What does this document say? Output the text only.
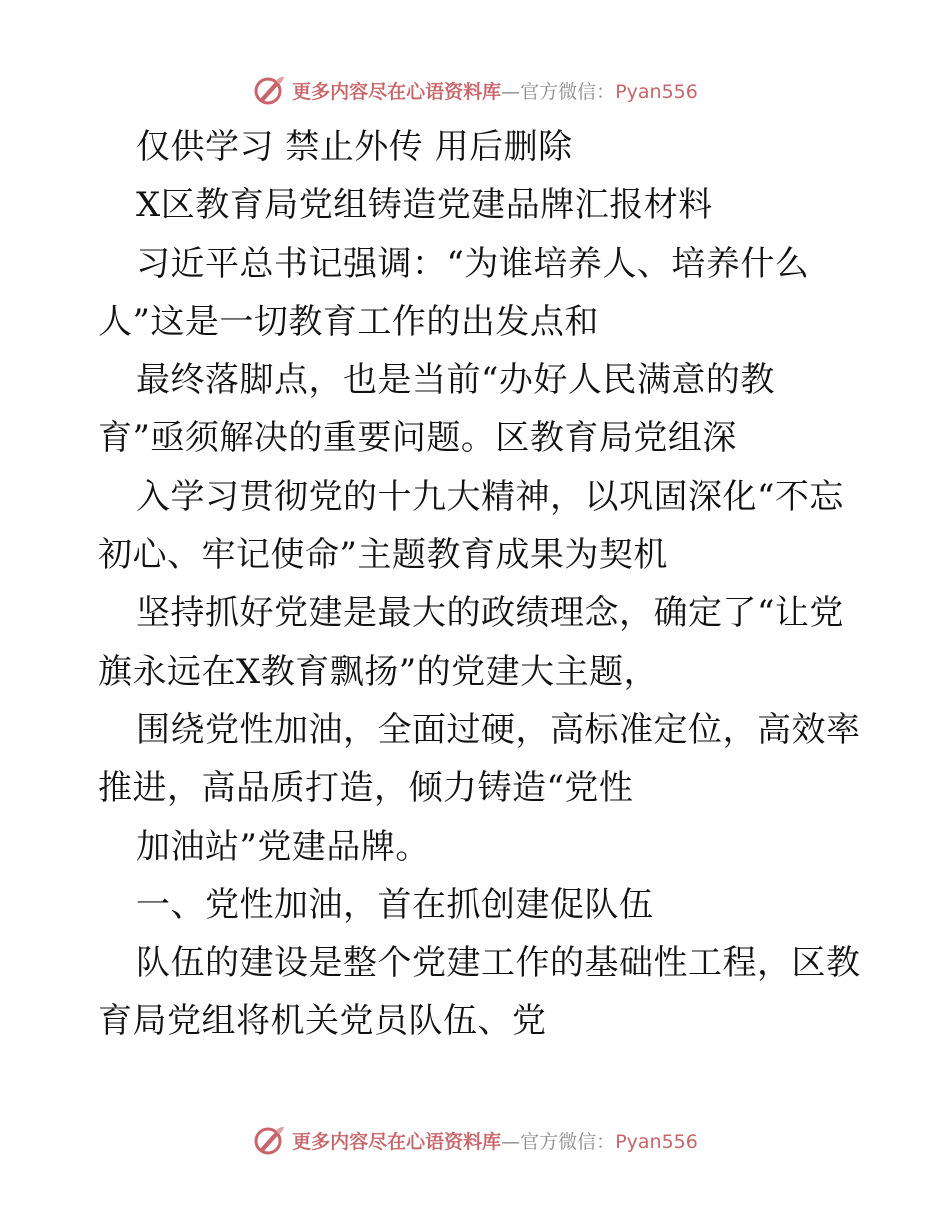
更多内容尽在心语资料库—官方微信：Pyan556
仅供学习 禁止外传 用后删除
X区教育局党组铸造党建品牌汇报材料
习近平总书记强调：“为谁培养人、培养什么
人”这是一切教育工作的出发点和
最终落脚点，也是当前“办好人民满意的教
育”亟须解决的重要问题。区教育局党组深
入学习贯彻党的十九大精神，以巩固深化“不忘
初心、牢记使命”主题教育成果为契机
坚持抓好党建是最大的政绩理念，确定了“让党
旗永远在X教育飘扬”的党建大主题，
围绕党性加油，全面过硬，高标准定位，高效率
推进，高品质打造，倾力铸造“党性
加油站”党建品牌。
一、党性加油，首在抓创建促队伍
队伍的建设是整个党建工作的基础性工程，区教
育局党组将机关党员队伍、党
更多内容尽在心语资料库—官方微信：Pyan556
